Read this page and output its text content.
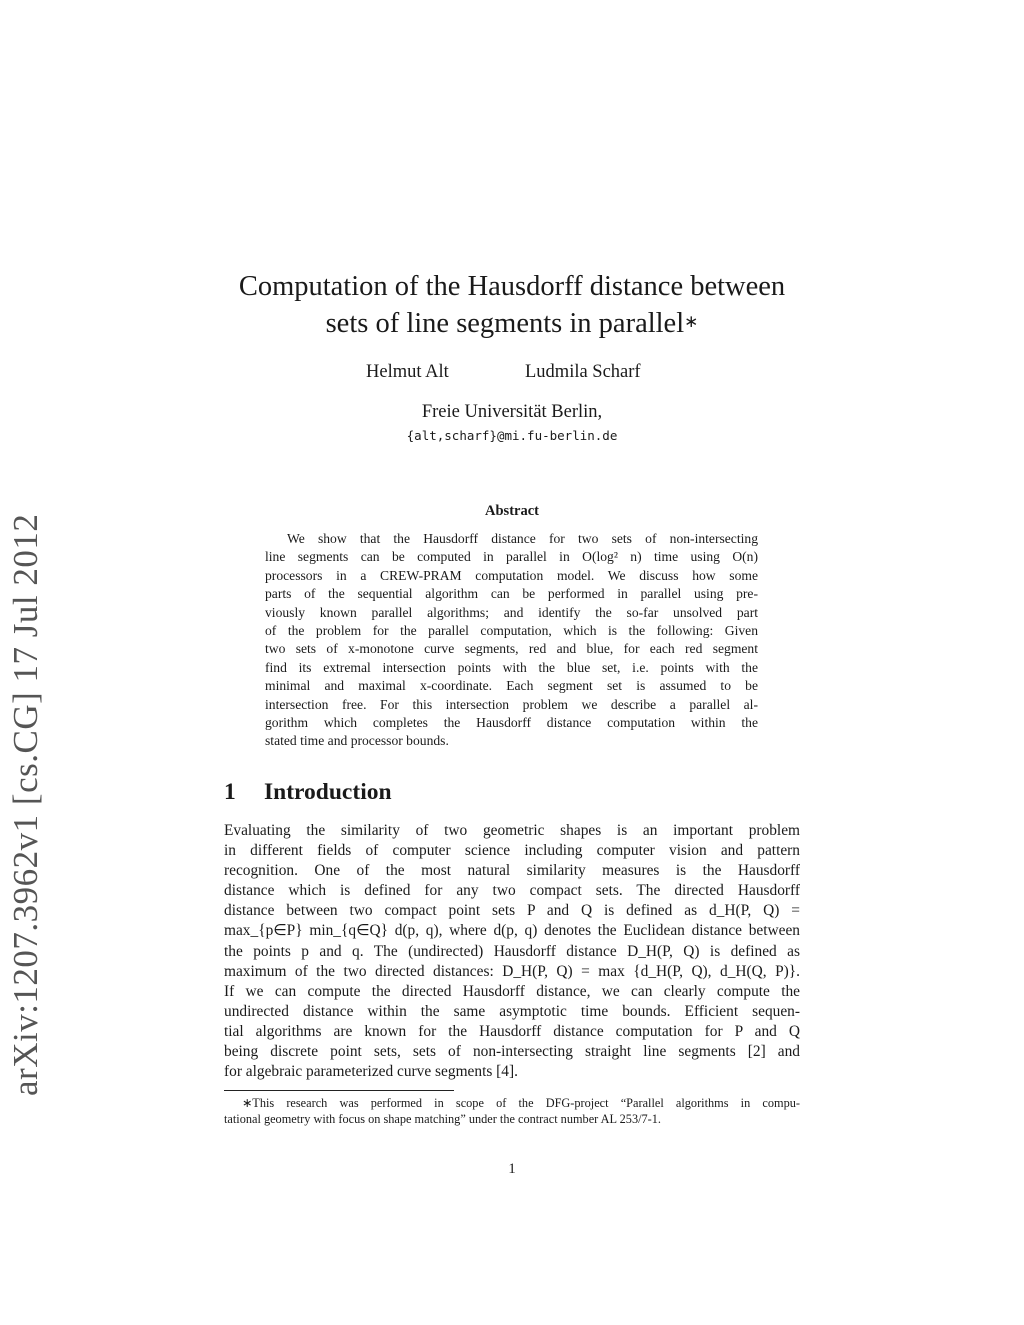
arXiv:1207.3962v1 [cs.CG] 17 Jul 2012
Computation of the Hausdorff distance between
sets of line segments in parallel∗
Helmut Alt	Ludmila Scharf
Freie Universität Berlin,
{alt,scharf}@mi.fu-berlin.de
Abstract
We show that the Hausdorff distance for two sets of non-intersecting
line segments can be computed in parallel in O(log² n) time using O(n)
processors in a CREW-PRAM computation model. We discuss how some
parts of the sequential algorithm can be performed in parallel using pre-
viously known parallel algorithms; and identify the so-far unsolved part
of the problem for the parallel computation, which is the following: Given
two sets of x-monotone curve segments, red and blue, for each red segment
find its extremal intersection points with the blue set, i.e. points with the
minimal and maximal x-coordinate. Each segment set is assumed to be
intersection free. For this intersection problem we describe a parallel al-
gorithm which completes the Hausdorff distance computation within the
stated time and processor bounds.
1 Introduction
Evaluating the similarity of two geometric shapes is an important problem
in different fields of computer science including computer vision and pattern
recognition. One of the most natural similarity measures is the Hausdorff
distance which is defined for any two compact sets. The directed Hausdorff
distance between two compact point sets P and Q is defined as d_H(P, Q) =
max_{p∈P} min_{q∈Q} d(p, q), where d(p, q) denotes the Euclidean distance between
the points p and q. The (undirected) Hausdorff distance D_H(P, Q) is defined as
maximum of the two directed distances: D_H(P, Q) = max {d_H(P, Q), d_H(Q, P)}.
If we can compute the directed Hausdorff distance, we can clearly compute the
undirected distance within the same asymptotic time bounds. Efficient sequen-
tial algorithms are known for the Hausdorff distance computation for P and Q
being discrete point sets, sets of non-intersecting straight line segments [2] and
for algebraic parameterized curve segments [4].
∗This research was performed in scope of the DFG-project “Parallel algorithms in compu-
tational geometry with focus on shape matching” under the contract number AL 253/7-1.
1
